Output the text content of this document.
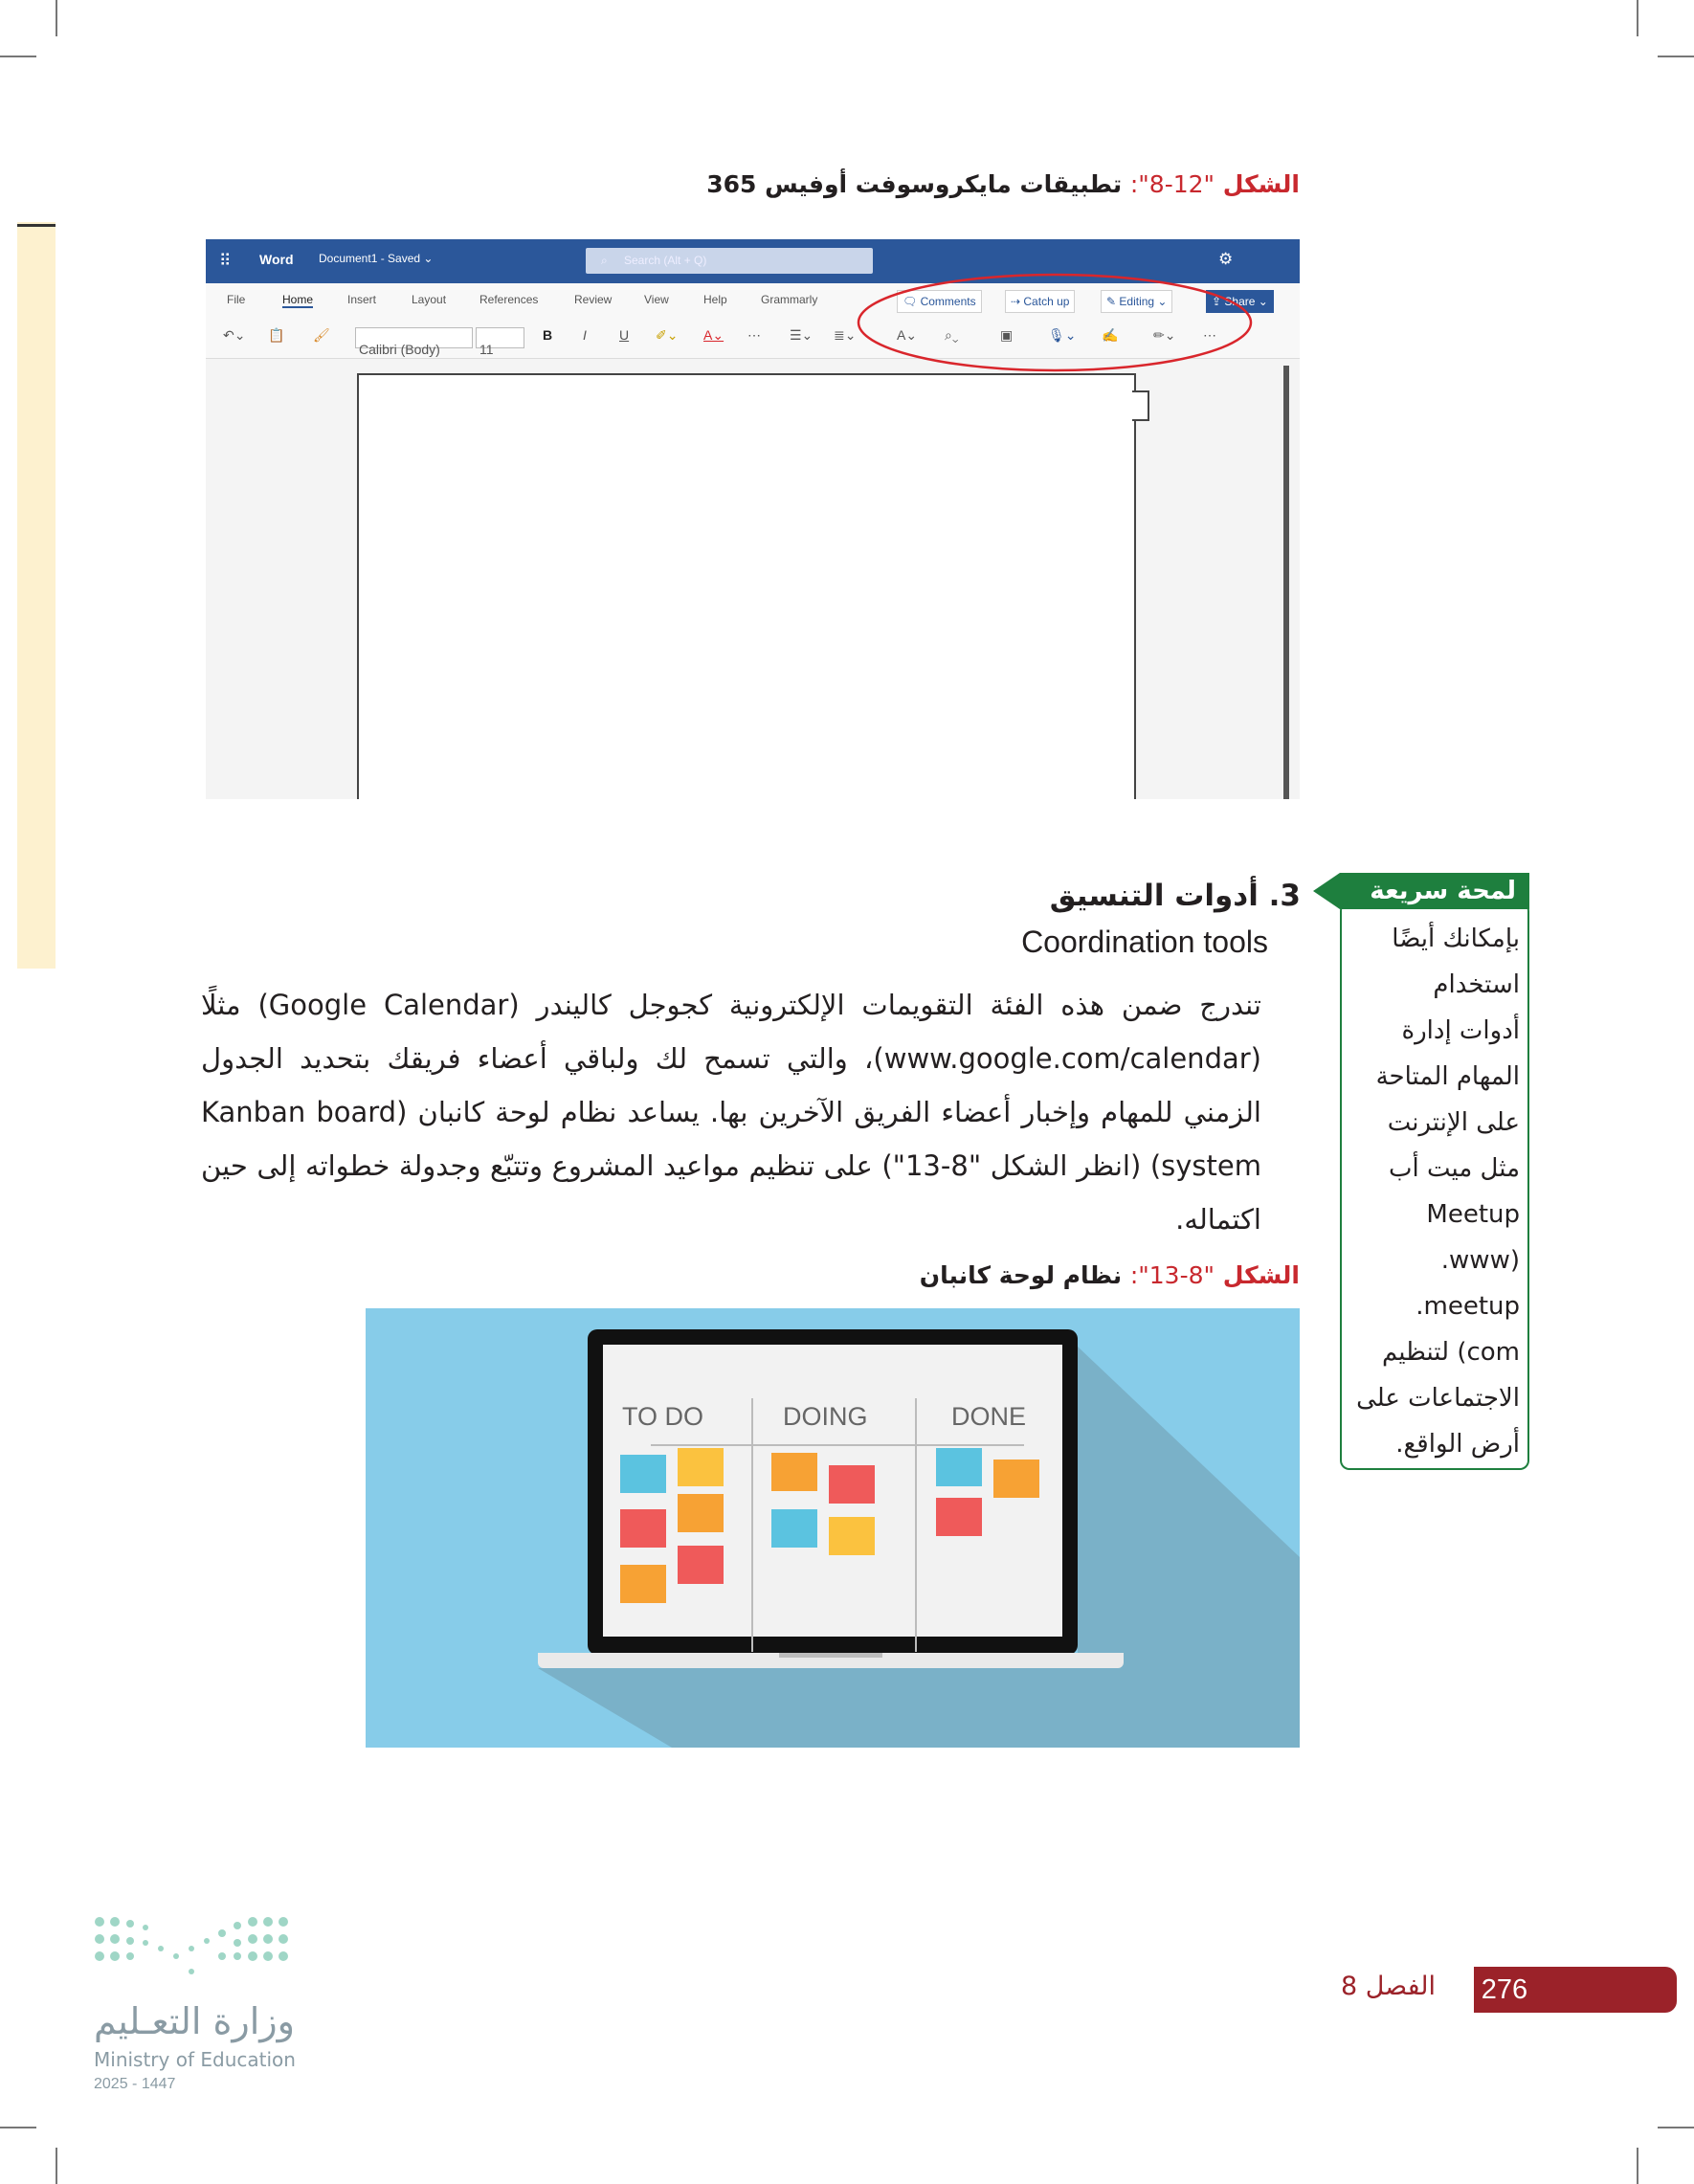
الشكل "12-8": تطبيقات مايكروسوفت أوفيس 365
⠿ Word Document1 - Saved ⌄	⌕ Search (Alt + Q)	⚙
File	Home	Insert	Layout	References	Review	View	Help	Grammarly	🗨 Comments	⇢ Catch up	✎ Editing ⌄	⇪ Share ⌄
↶⌄ 📋 🖌
Calibri (Body)	11
B I U ✐⌄ A⌄ ⋯ ☰⌄ ≣⌄	A⌄ ⌕⌄	▣	🎙⌄ ✍	✏⌄ ⋯
3. أدوات التنسيق
Coordination tools
تندرج ضمن هذه الفئة التقويمات الإلكترونية كجوجل كاليندر (Google Calendar) مثلًا
(www.google.com/calendar)، والتي تسمح لك ولباقي أعضاء فريقك بتحديد الجدول
الزمني للمهام وإخبار أعضاء الفريق الآخرين بها. يساعد نظام لوحة كانبان (Kanban board
system) (انظر الشكل "8-13") على تنظيم مواعيد المشروع وتتبّع وجدولة خطواته إلى حين
اكتماله.
الشكل "8-13": نظام لوحة كانبان
TO DO	DOING	DONE
لمحة سريعة
بإمكانك أيضًا
استخدام
أدوات إدارة
المهام المتاحة
على الإنترنت
مثل ميت أب
Meetup
(www.
meetup.
com) لتنظيم
الاجتماعات على
أرض الواقع.
وزارة التعـليم
Ministry of Education
2025 - 1447
الفصل 8 276
